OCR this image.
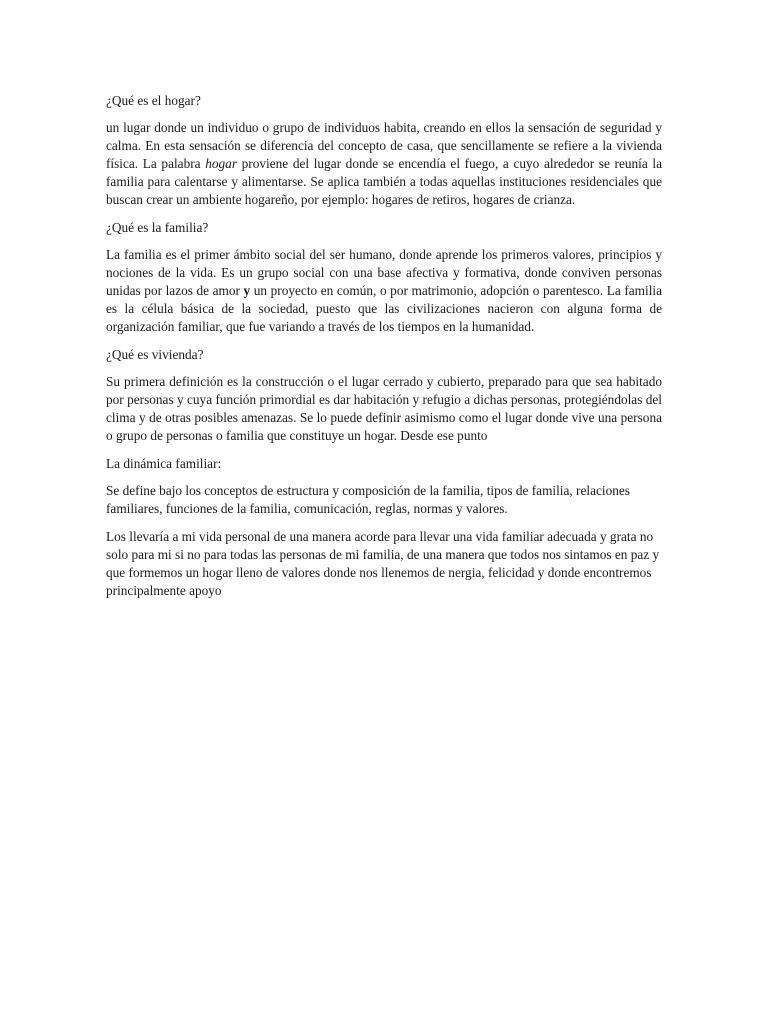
¿Qué es el hogar?

un lugar donde un individuo o grupo de individuos habita, creando en ellos la sensación de seguridad y calma. En esta sensación se diferencia del concepto de casa, que sencillamente se refiere a la vivienda física. La palabra hogar proviene del lugar donde se encendía el fuego, a cuyo alrededor se reunía la familia para calentarse y alimentarse. Se aplica también a todas aquellas instituciones residenciales que buscan crear un ambiente hogareño, por ejemplo: hogares de retiros, hogares de crianza.

¿Qué es la familia?

La familia es el primer ámbito social del ser humano, donde aprende los primeros valores, principios y nociones de la vida. Es un grupo social con una base afectiva y formativa, donde conviven personas unidas por lazos de amor y un proyecto en común, o por matrimonio, adopción o parentesco. La familia es la célula básica de la sociedad, puesto que las civilizaciones nacieron con alguna forma de organización familiar, que fue variando a través de los tiempos en la humanidad.

¿Qué es vivienda?

Su primera definición es la construcción o el lugar cerrado y cubierto, preparado para que sea habitado por personas y cuya función primordial es dar habitación y refugio a dichas personas, protegiéndolas del clima y de otras posibles amenazas. Se lo puede definir asimismo como el lugar donde vive una persona o grupo de personas o familia que constituye un hogar. Desde ese punto

La dinámica familiar:

Se define bajo los conceptos de estructura y composición de la familia, tipos de familia, relaciones familiares, funciones de la familia, comunicación, reglas, normas y valores.

Los llevaría a mi vida personal de una manera acorde para llevar una vida familiar adecuada y grata no solo para mi si no para todas las personas de mi familia, de una manera que todos nos sintamos en paz y que formemos un hogar lleno de valores donde nos llenemos de nergia, felicidad y donde encontremos principalmente apoyo
